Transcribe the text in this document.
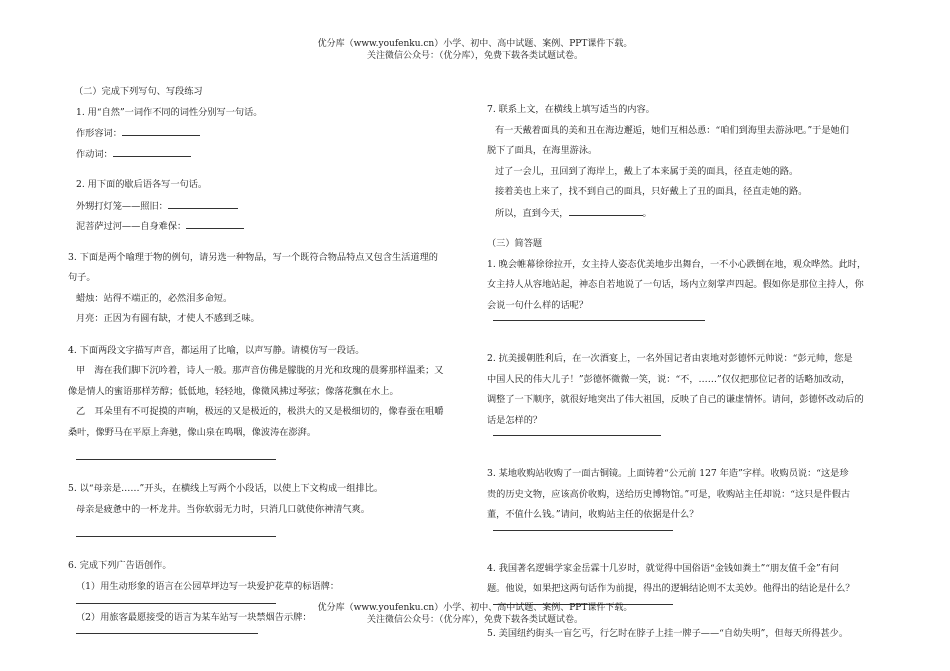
优分库（www.youfenku.cn）小学、初中、高中试题、案例、PPT课件下载。
关注微信公众号：（优分库），免费下载各类试题试卷。
（二）完成下列写句、写段练习
1. 用“自然”一词作不同的词性分别写一句话。
作形容词：
作动词：
2. 用下面的歇后语各写一句话。
外甥打灯笼——照旧：
泥菩萨过河——自身难保：
3. 下面是两个喻理于物的例句，请另选一种物品，写一个既符合物品特点又包含生活道理的
句子。
蜡烛：站得不端正的，必然泪多命短。
月亮：正因为有圆有缺，才使人不感到乏味。
4. 下面两段文字描写声音，都运用了比喻，以声写静。请模仿写一段话。
甲　海在我们脚下沉吟着，诗人一般。那声音仿佛是朦胧的月光和玫瑰的晨雾那样温柔；又
像是情人的蜜语那样芳醇；低低地，轻轻地，像微风拂过琴弦；像落花飘在水上。
乙　耳朵里有不可捉摸的声响，极远的又是极近的，极洪大的又是极细切的，像春蚕在咀嚼
桑叶，像野马在平原上奔驰，像山泉在鸣咽，像波涛在澎湃。
5. 以“母亲是……”开头，在横线上写两个小段话，以使上下文构成一组排比。
母亲是疲惫中的一杯龙井。当你软弱无力时，只消几口就使你神清气爽。
6. 完成下列广告语创作。
（1）用生动形象的语言在公园草坪边写一块爱护花草的标语牌：
（2）用旅客最愿接受的语言为某车站写一块禁烟告示牌：
7. 联系上文，在横线上填写适当的内容。
有一天戴着面具的美和丑在海边邂逅，她们互相怂恿：“咱们到海里去游泳吧。”于是她们
脱下了面具，在海里游泳。
过了一会儿，丑回到了海岸上，戴上了本来属于美的面具，径直走她的路。
接着美也上来了，找不到自己的面具，只好戴上了丑的面具，径直走她的路。
所以，直到今天，	。
（三）简答题
1. 晚会帷幕徐徐拉开，女主持人姿态优美地步出舞台，一不小心跌倒在地，观众哗然。此时，
女主持人从容地站起，神态自若地说了一句话，场内立刻掌声四起。假如你是那位主持人，你
会说一句什么样的话呢？
2. 抗美援朝胜利后，在一次酒宴上，一名外国记者由衷地对彭德怀元帅说：“彭元帅，您是
中国人民的伟大儿子！”彭德怀微微一笑，说：“不，……”仅仅把那位记者的话略加改动，
调整了一下顺序，就很好地突出了伟大祖国，反映了自己的谦虚情怀。请问，彭德怀改动后的
话是怎样的？
3. 某地收购站收购了一面古铜镜。上面铸着“公元前 127 年造”字样。收购员说：“这是珍
贵的历史文物，应该高价收购，送给历史博物馆。”可是，收购站主任却说：“这只是件假古
董，不值什么钱。”请问，收购站主任的依据是什么？
4. 我国著名逻辑学家金岳霖十几岁时，就觉得中国俗语“金钱如粪土”“朋友值千金”有问
题。他说，如果把这两句话作为前提，得出的逻辑结论则不太美妙。他得出的结论是什么？
5. 美国纽约街头一盲乞丐，行乞时在脖子上挂一牌子——“自幼失明”，但每天所得甚少。
优分库（www.youfenku.cn）小学、初中、高中试题、案例、PPT课件下载。
关注微信公众号：（优分库），免费下载各类试题试卷。
